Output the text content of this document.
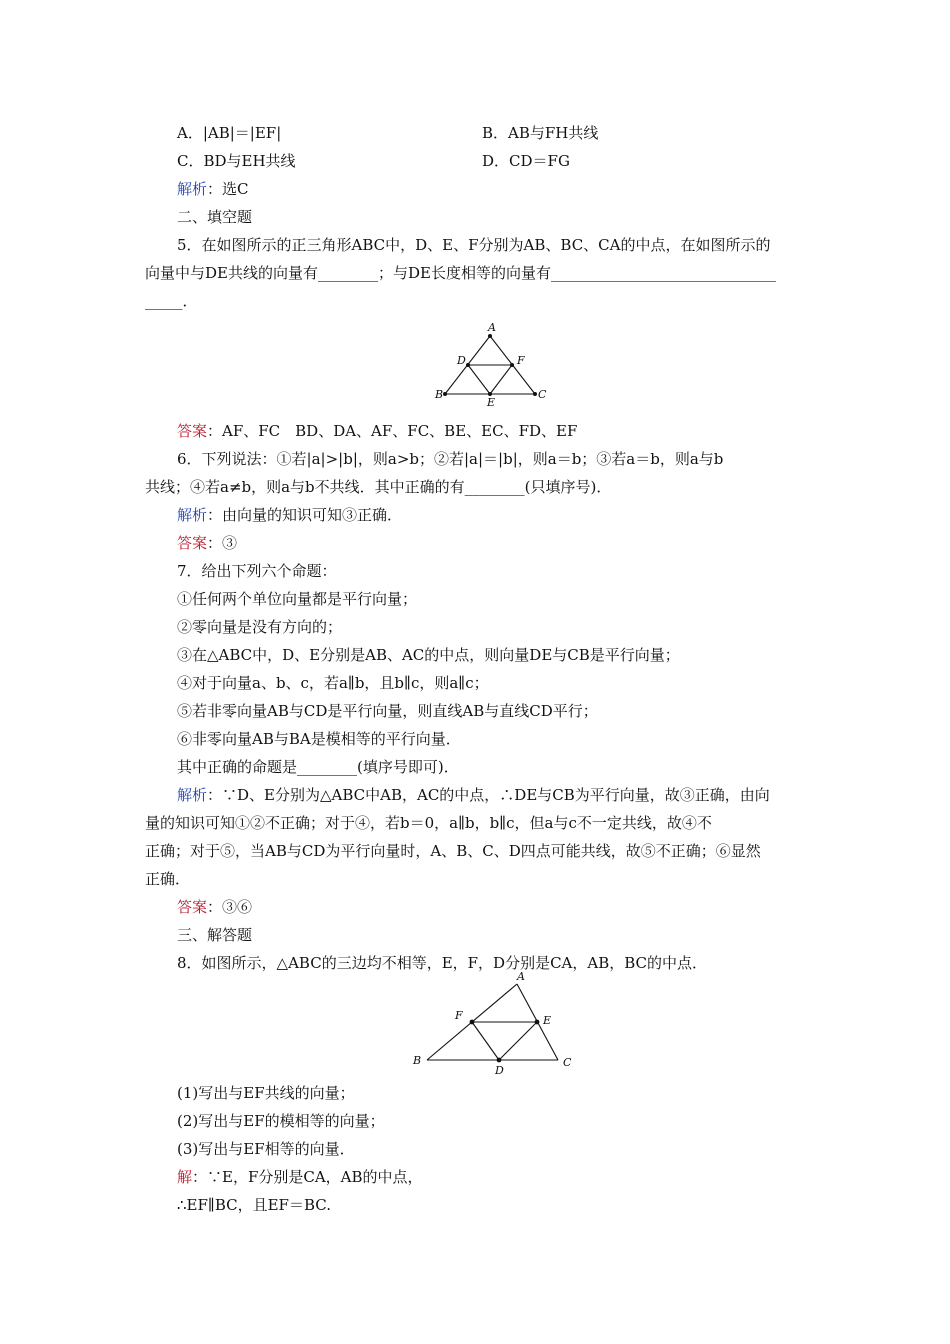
A．|AB|＝|EF|	B．AB与FH共线
C．BD与EH共线	D．CD＝FG
解析：选C
二、填空题
5．在如图所示的正三角形ABC中，D、E、F分别为AB、BC、CA的中点，在如图所示的
向量中与DE共线的向量有________；与DE长度相等的向量有______________________________
_____．
A
D	F
B
E
C
答案：AF、FC　BD、DA、AF、FC、BE、EC、FD、EF
6．下列说法：①若|a|>|b|，则a>b；②若|a|＝|b|，则a＝b；③若a＝b，则a与b
共线；④若a≠b，则a与b不共线．其中正确的有________(只填序号)．
解析：由向量的知识可知③正确．
答案：③
7．给出下列六个命题：
①任何两个单位向量都是平行向量；
②零向量是没有方向的；
③在△ABC中，D、E分别是AB、AC的中点，则向量DE与CB是平行向量；
④对于向量a、b、c，若a∥b，且b∥c，则a∥c；
⑤若非零向量AB与CD是平行向量，则直线AB与直线CD平行；
⑥非零向量AB与BA是模相等的平行向量．
其中正确的命题是________(填序号即可)．
解析：∵D、E分别为△ABC中AB，AC的中点，∴DE与CB为平行向量，故③正确，由向
量的知识可知①②不正确；对于④，若b＝0，a∥b，b∥c，但a与c不一定共线，故④不
正确；对于⑤，当AB与CD为平行向量时，A、B、C、D四点可能共线，故⑤不正确；⑥显然
正确．
答案：③⑥
三、解答题
8．如图所示，△ABC的三边均不相等，E，F，D分别是CA，AB，BC的中点．
A
F	E
B
D
C
(1)写出与EF共线的向量；
(2)写出与EF的模相等的向量；
(3)写出与EF相等的向量．
解：∵E，F分别是CA，AB的中点，
∴EF∥BC，且EF＝BC.
